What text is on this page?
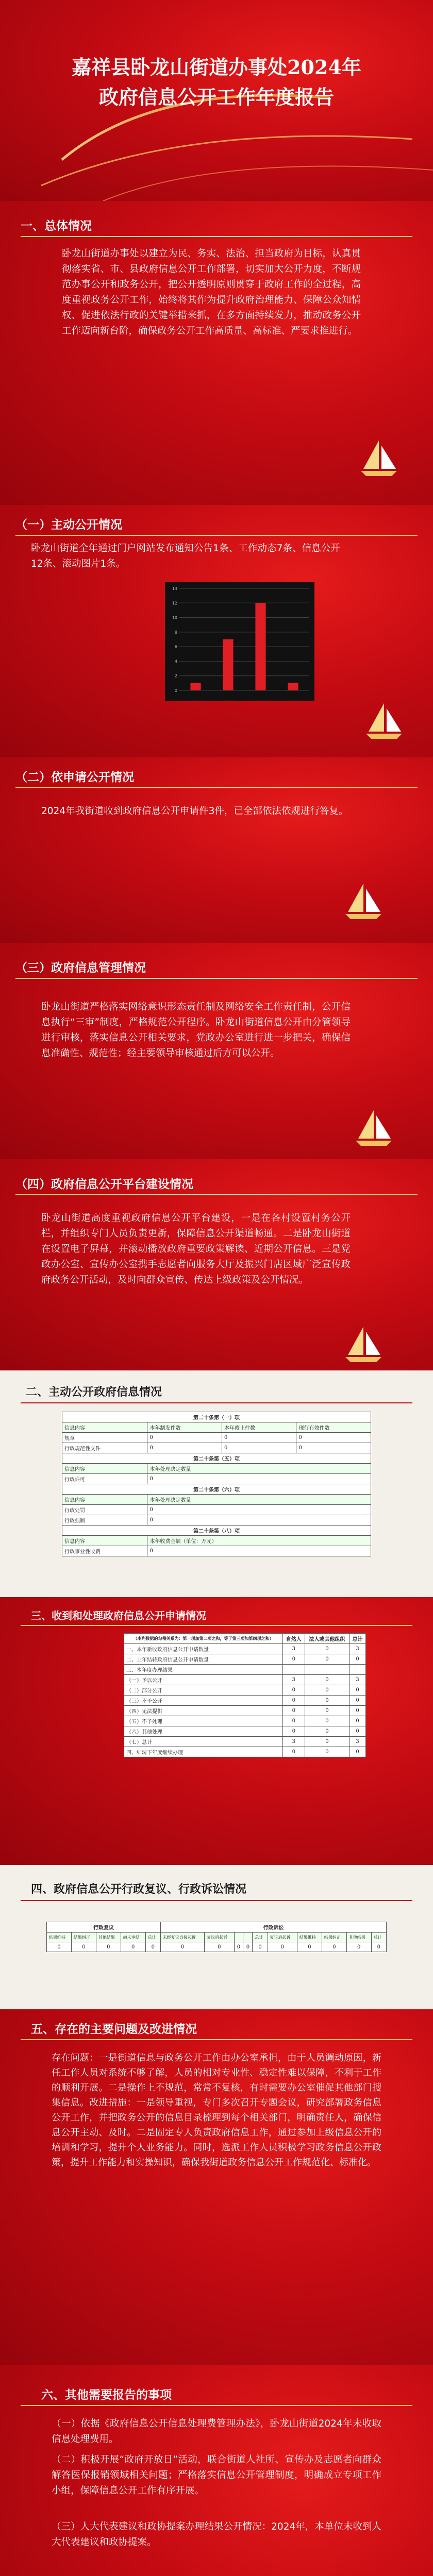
嘉祥县卧龙山街道办事处2024年
政府信息公开工作年度报告
一、总体情况
卧龙山街道办事处以建立为民、务实、法治、担当政府为目标，认真贯彻落实省、市、县政府信息公开工作部署，切实加大公开力度，不断规范办事公开和政务公开，把公开透明原则贯穿于政府工作的全过程，高度重视政务公开工作，始终将其作为提升政府治理能力、保障公众知情权、促进依法行政的关键举措来抓，在多方面持续发力，推动政务公开工作迈向新台阶，确保政务公开工作高质量、高标准、严要求推进行。
（一）主动公开情况
卧龙山街道全年通过门户网站发布通知公告1条、工作动态7条、信息公开12条、滚动图片1条。
0
2
4
6
8
10
12
14
（二）依申请公开情况
2024年我街道收到政府信息公开申请件3件，已全部依法依规进行答复。
（三）政府信息管理情况
卧龙山街道严格落实网络意识形态责任制及网络安全工作责任制，公开信息执行“三审”制度，严格规范公开程序。卧龙山街道信息公开由分管领导进行审核，落实信息公开相关要求，党政办公室进行进一步把关，确保信息准确性、规范性；经主要领导审核通过后方可以公开。
（四）政府信息公开平台建设情况
卧龙山街道高度重视政府信息公开平台建设，一是在各村设置村务公开栏，并组织专门人员负责更新，保障信息公开渠道畅通。二是卧龙山街道在设置电子屏幕，并滚动播放政府重要政策解读、近期公开信息。三是党政办公室、宣传办公室携手志愿者向服务大厅及振兴门店区域广泛宣传政府政务公开活动，及时向群众宣传、传达上级政策及公开情况。
二、主动公开政府信息情况
第二十条第（一）项			
信息内容	本年制发件数	本年废止件数	现行有效件数
规章	0	0	0
行政规范性文件	0	0	0
第二十条第（五）项			
信息内容	本年处理决定数量		
行政许可	0		
第二十条第（六）项			
信息内容	本年处理决定数量		
行政处罚	0		
行政强制	0		
第二十条第（八）项			
信息内容	本年收费金额（单位：万元）		
行政事业性收费	0		
三、收到和处理政府信息公开申请情况
（本列数据的勾稽关系为：第一项加第二项之和，等于第三项加第四项之和）	自然人	法人或其他组织	总计
一、本年新收政府信息公开申请数量	3	0	3
二、上年结转政府信息公开申请数量	0	0	0
三、本年度办理结果			
（一）予以公开	3	0	3
（二）部分公开	0	0	0
（三）不予公开	0	0	0
（四）无法提供	0	0	0
（五）不予处理	0	0	0
（六）其他处理	0	0	0
（七）总计	3	0	3
四、结转下年度继续办理	0	0	0
四、政府信息公开行政复议、行政诉讼情况
行政复议					行政诉讼									
结果维持	结果纠正	其他结果	尚未审结	总计	未经复议直接起诉	复议后起诉			总计	复议后起诉	结果维持	结果纠正	其他结果	总计
0	0	0	0	0	0	0	0	0	0	0	0	0	0	0
五、存在的主要问题及改进情况
存在问题：一是街道信息与政务公开工作由办公室承担，由于人员调动原因，新任工作人员对系统不够了解，人员的相对专业性、稳定性难以保障，不利于工作的顺利开展。二是操作上不规范，常常不复核，有时需要办公室催促其他部门搜集信息。改进措施：一是领导重视，专门多次召开专题会议，研究部署政务信息公开工作，并把政务公开的信息目录梳理到每个相关部门，明确责任人，确保信息公开主动、及时。二是固定专人负责政府信息工作，通过参加上级信息公开的培训和学习，提升个人业务能力。同时，选派工作人员积极学习政务信息公开政策，提升工作能力和实操知识，确保我街道政务信息公开工作规范化、标准化。
六、其他需要报告的事项
（一）依据《政府信息公开信息处理费管理办法》，卧龙山街道2024年未收取信息处理费用。
（二）积极开展“政府开放日”活动，联合街道人社所、宣传办及志愿者向群众解答医保报销领域相关问题；严格落实信息公开管理制度，明确成立专项工作小组，保障信息公开工作有序开展。
（三）人大代表建议和政协提案办理结果公开情况：2024年，本单位未收到人大代表建议和政协提案。
